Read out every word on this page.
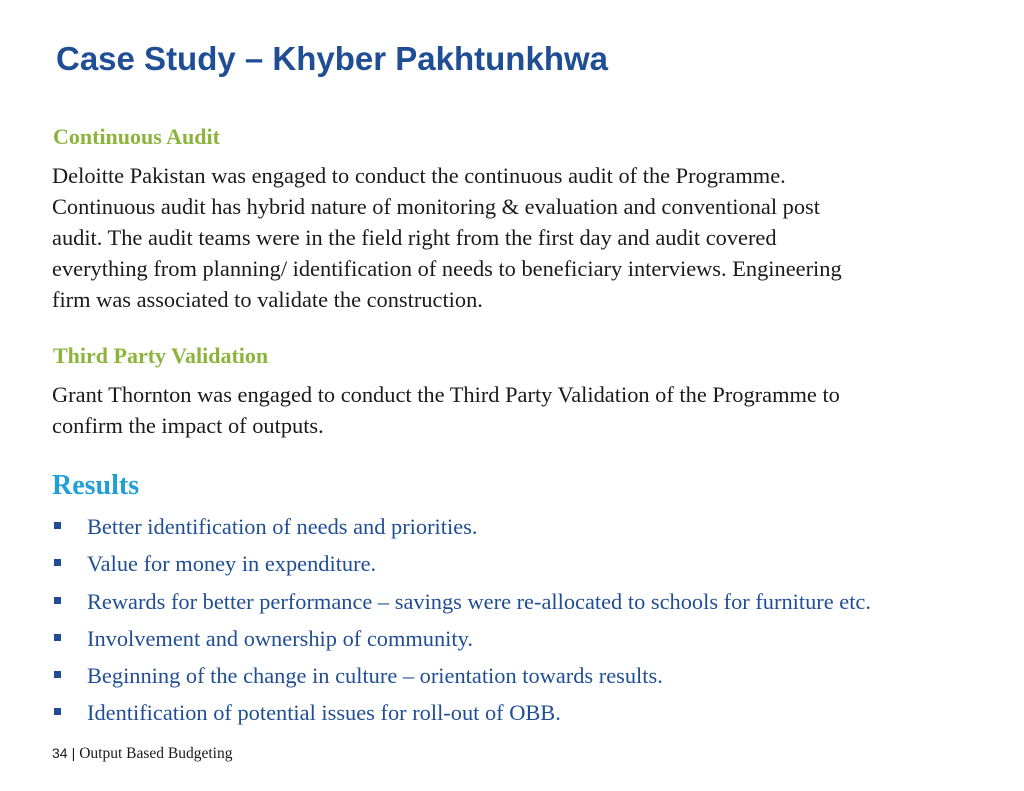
Case Study – Khyber Pakhtunkhwa
Continuous Audit
Deloitte Pakistan was engaged to conduct the continuous audit of the Programme.
Continuous audit has hybrid nature of monitoring & evaluation and conventional post
audit. The audit teams were in the field right from the first day and audit covered
everything from planning/ identification of needs to beneficiary interviews. Engineering
firm was associated to validate the construction.
Third Party Validation
Grant Thornton was engaged to conduct the Third Party Validation of the Programme to
confirm the impact of outputs.
Results
Better identification of needs and priorities.
Value for money in expenditure.
Rewards for better performance – savings were re-allocated to schools for furniture etc.
Involvement and ownership of community.
Beginning of the change in culture – orientation towards results.
Identification of potential issues for roll-out of OBB.
34 | Output Based Budgeting
